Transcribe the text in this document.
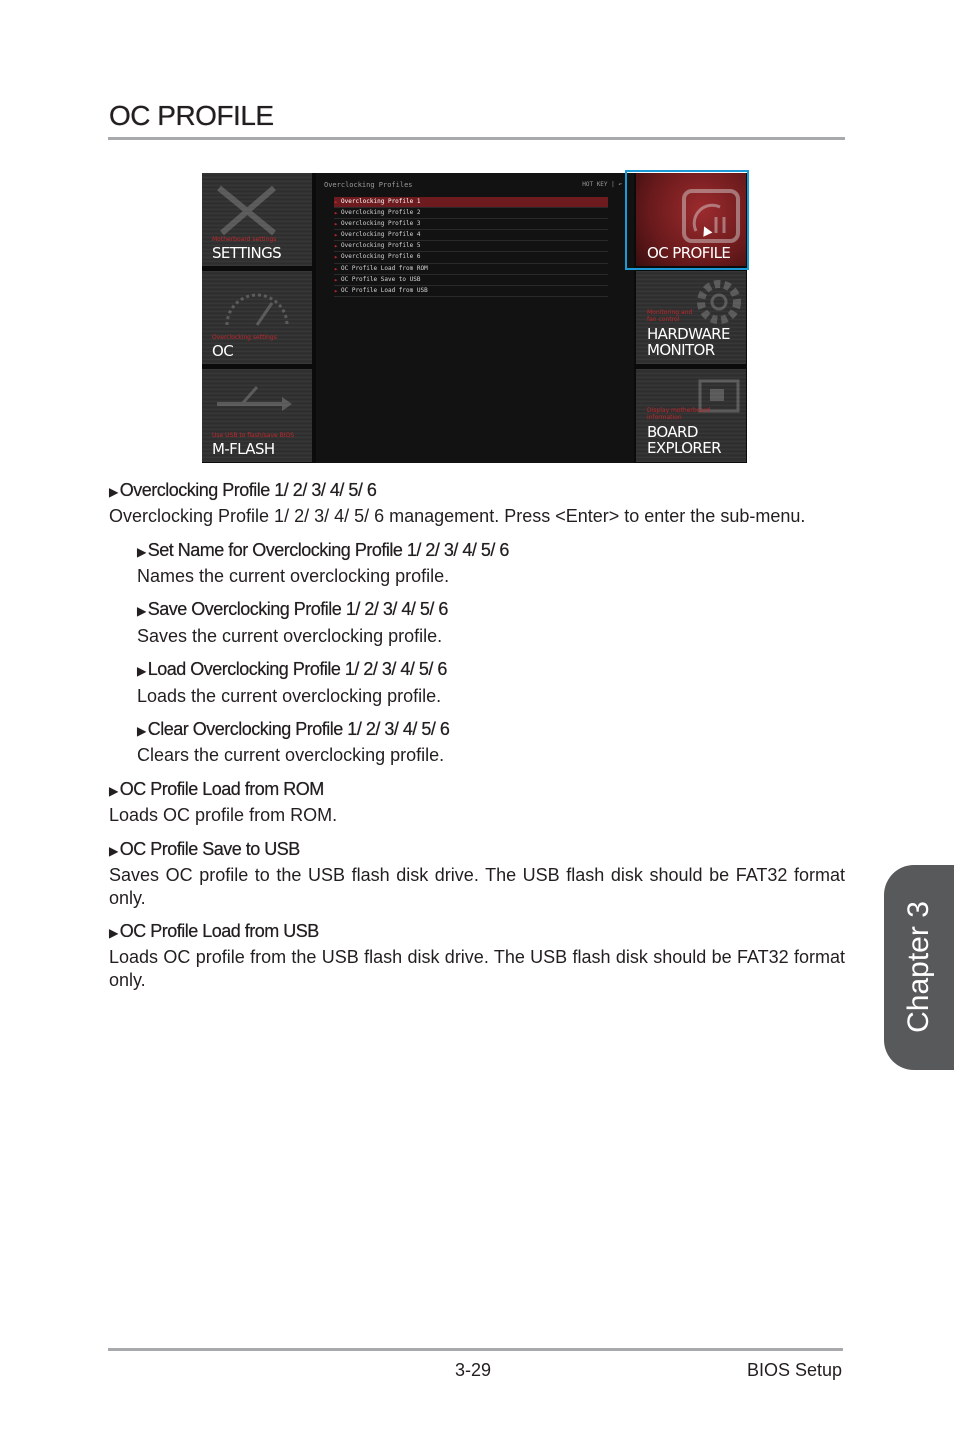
OC PROFILE
Motherboard settings
SETTINGS
Overclocking settings
OC
Use USB to flash/save BIOS
M-FLASH
Overclocking Profiles	HOT KEY | ↶
▸ Overclocking Profile 1
▸ Overclocking Profile 2
▸ Overclocking Profile 3
▸ Overclocking Profile 4
▸ Overclocking Profile 5
▸ Overclocking Profile 6
▸ OC Profile Load from ROM
▸ OC Profile Save to USB
▸ OC Profile Load from USB
OC PROFILE
Monitoring and
fan control
HARDWARE
MONITOR
Display motherboard
information
BOARD
EXPLORER
▶ Overclocking Profile 1/ 2/ 3/ 4/ 5/ 6

Overclocking Profile 1/ 2/ 3/ 4/ 5/ 6 management. Press <Enter> to enter the sub-menu.

▶ Set Name for Overclocking Profile 1/ 2/ 3/ 4/ 5/ 6

Names the current overclocking profile.

▶ Save Overclocking Profile 1/ 2/ 3/ 4/ 5/ 6

Saves the current overclocking profile.

▶ Load Overclocking Profile 1/ 2/ 3/ 4/ 5/ 6

Loads the current overclocking profile.

▶ Clear Overclocking Profile 1/ 2/ 3/ 4/ 5/ 6

Clears the current overclocking profile.

▶ OC Profile Load from ROM

Loads OC profile from ROM.

▶ OC Profile Save to USB

Saves OC profile to the USB flash disk drive. The USB flash disk should be FAT32 format only.

▶ OC Profile Load from USB

Loads OC profile from the USB flash disk drive. The USB flash disk should be FAT32 format only.	Chapter 3
3-29	BIOS Setup
